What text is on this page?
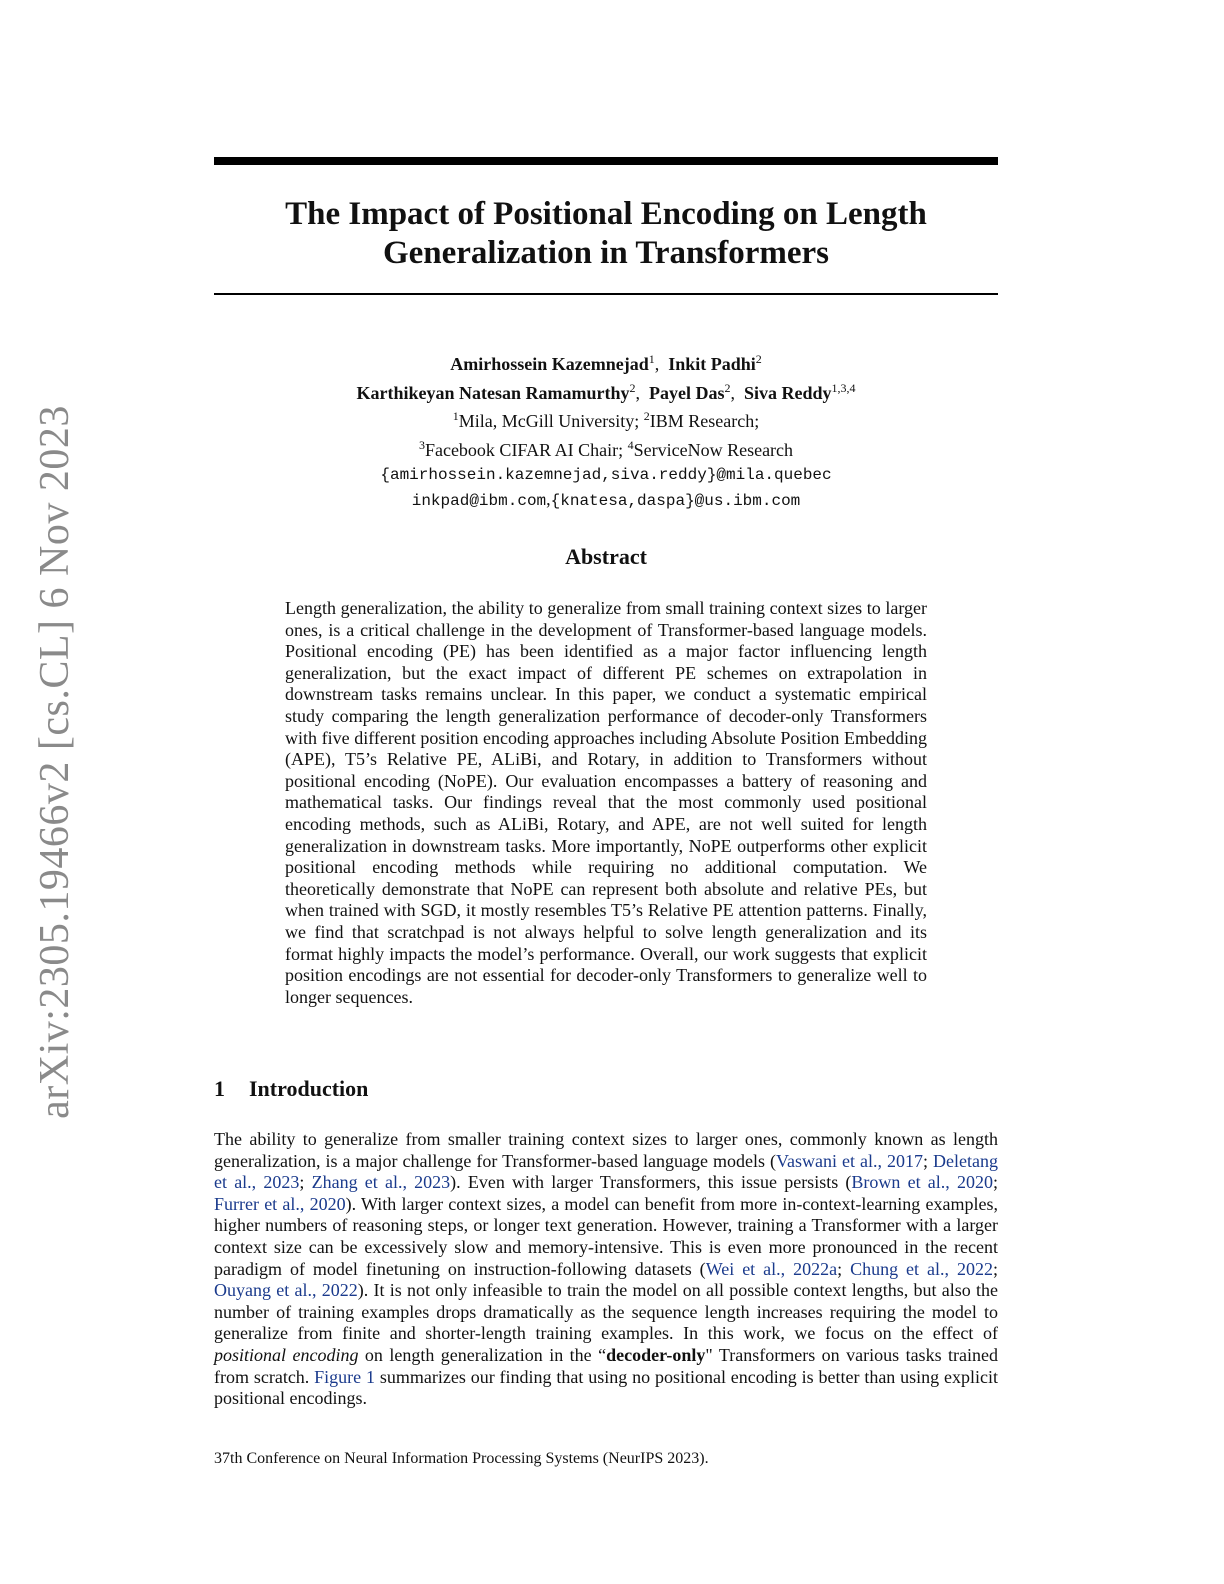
arXiv:2305.19466v2 [cs.CL] 6 Nov 2023
The Impact of Positional Encoding on Length
Generalization in Transformers
Amirhossein Kazemnejad$^1$,  Inkit Padhi$^2$
Karthikeyan Natesan Ramamurthy$^2$,  Payel Das$^2$,  Siva Reddy$^{1,3,4}$
$^1$Mila, McGill University; $^2$IBM Research;
$^3$Facebook CIFAR AI Chair; $^4$ServiceNow Research
{amirhossein.kazemnejad,siva.reddy}@mila.quebec
inkpad@ibm.com,{knatesa,daspa}@us.ibm.com
Abstract

Length generalization, the ability to generalize from small training context sizes to larger ones, is a critical challenge in the development of Transformer-based language models. Positional encoding (PE) has been identified as a major factor influencing length generalization, but the exact impact of different PE schemes on extrapolation in downstream tasks remains unclear. In this paper, we conduct a systematic empirical study comparing the length generalization performance of decoder-only Transformers with five different position encoding approaches including Absolute Position Embedding (APE), T5’s Relative PE, ALiBi, and Rotary, in addition to Transformers without positional encoding (NoPE). Our evaluation encompasses a battery of reasoning and mathematical tasks. Our findings reveal that the most commonly used positional encoding methods, such as ALiBi, Rotary, and APE, are not well suited for length generalization in downstream tasks. More importantly, NoPE outperforms other explicit positional encoding methods while requiring no additional computation. We theoretically demonstrate that NoPE can represent both absolute and relative PEs, but when trained with SGD, it mostly resembles T5’s Relative PE attention patterns. Finally, we find that scratchpad is not always helpful to solve length generalization and its format highly impacts the model’s performance. Overall, our work suggests that explicit position encodings are not essential for decoder-only Transformers to generalize well to longer sequences.

1 Introduction

The ability to generalize from smaller training context sizes to larger ones, commonly known as length generalization, is a major challenge for Transformer-based language models (Vaswani et al., 2017; Deletang et al., 2023; Zhang et al., 2023). Even with larger Transformers, this issue persists (Brown et al., 2020; Furrer et al., 2020). With larger context sizes, a model can benefit from more in-context-learning examples, higher numbers of reasoning steps, or longer text generation. However, training a Transformer with a larger context size can be excessively slow and memory-intensive. This is even more pronounced in the recent paradigm of model finetuning on instruction-following datasets (Wei et al., 2022a; Chung et al., 2022; Ouyang et al., 2022). It is not only infeasible to train the model on all possible context lengths, but also the number of training examples drops dramatically as the sequence length increases requiring the model to generalize from finite and shorter-length training examples. In this work, we focus on the effect of positional encoding on length generalization in the “decoder-only" Transformers on various tasks trained from scratch. Figure 1 summarizes our finding that using no positional encoding is better than using explicit positional encodings.

37th Conference on Neural Information Processing Systems (NeurIPS 2023).
